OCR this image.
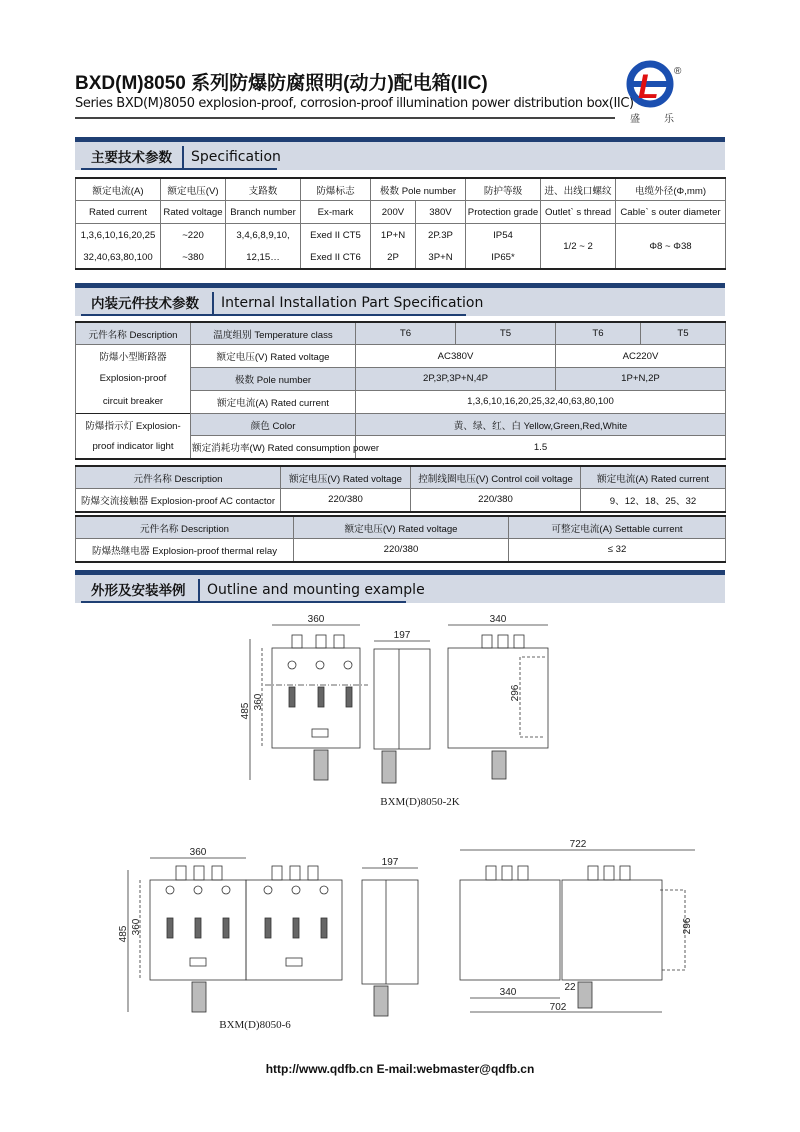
BXD(M)8050 系列防爆防腐照明(动力)配电箱(IIC)
Series BXD(M)8050 explosion-proof, corrosion-proof illumination power distribution box(IIC) L ®
盛 乐
主要技术参数 Specification
额定电流(A)	额定电压(V)	支路数	防爆标志	极数 Pole number		防护等级	进、出线口螺纹	电缆外径(Φ,mm)
Rated current	Rated voltage	Branch number	Ex-mark	200V	380V	Protection grade	Outlet` s thread	Cable` s outer diameter
1,3,6,10,16,20,25	~220	3,4,6,8,9,10,	Exed II CT5	1P+N	2P.3P	IP54	1/2 ~ 2	Φ8 ~ Φ38
32,40,63,80,100	~380	12,15…	Exed II CT6	2P	3P+N	IP65*		
内装元件技术参数 Internal Installation Part Specification
元件名称 Description	温度组别 Temperature class	T6	T5	T6	T5
防爆小型断路器	额定电压(V) Rated voltage	AC380V		AC220V	
Explosion-proof	极数 Pole number	2P,3P,3P+N,4P		1P+N,2P	
circuit breaker	额定电流(A) Rated current	1,3,6,10,16,20,25,32,40,63,80,100			
防爆指示灯 Explosion-	颜色 Color	黄、绿、红、白 Yellow,Green,Red,White			
proof indicator light	额定消耗功率(W) Rated consumption power	1.5			
元件名称 Description	额定电压(V) Rated voltage	控制线圈电压(V) Control coil voltage	额定电流(A) Rated current
防爆交流接触器 Explosion-proof AC contactor	220/380	220/380	9、12、18、25、32
元件名称 Description	额定电压(V) Rated voltage	可整定电流(A) Settable current
防爆热继电器 Explosion-proof thermal relay	220/380	≤ 32
外形及安装举例 Outline and mounting example
360
485
360
197
340
296
BXM(D)8050-2K
360
485 360
197
722
296
340	22
702
BXM(D)8050-6
http://www.qdfb.cn E-mail:webmaster@qdfb.cn
